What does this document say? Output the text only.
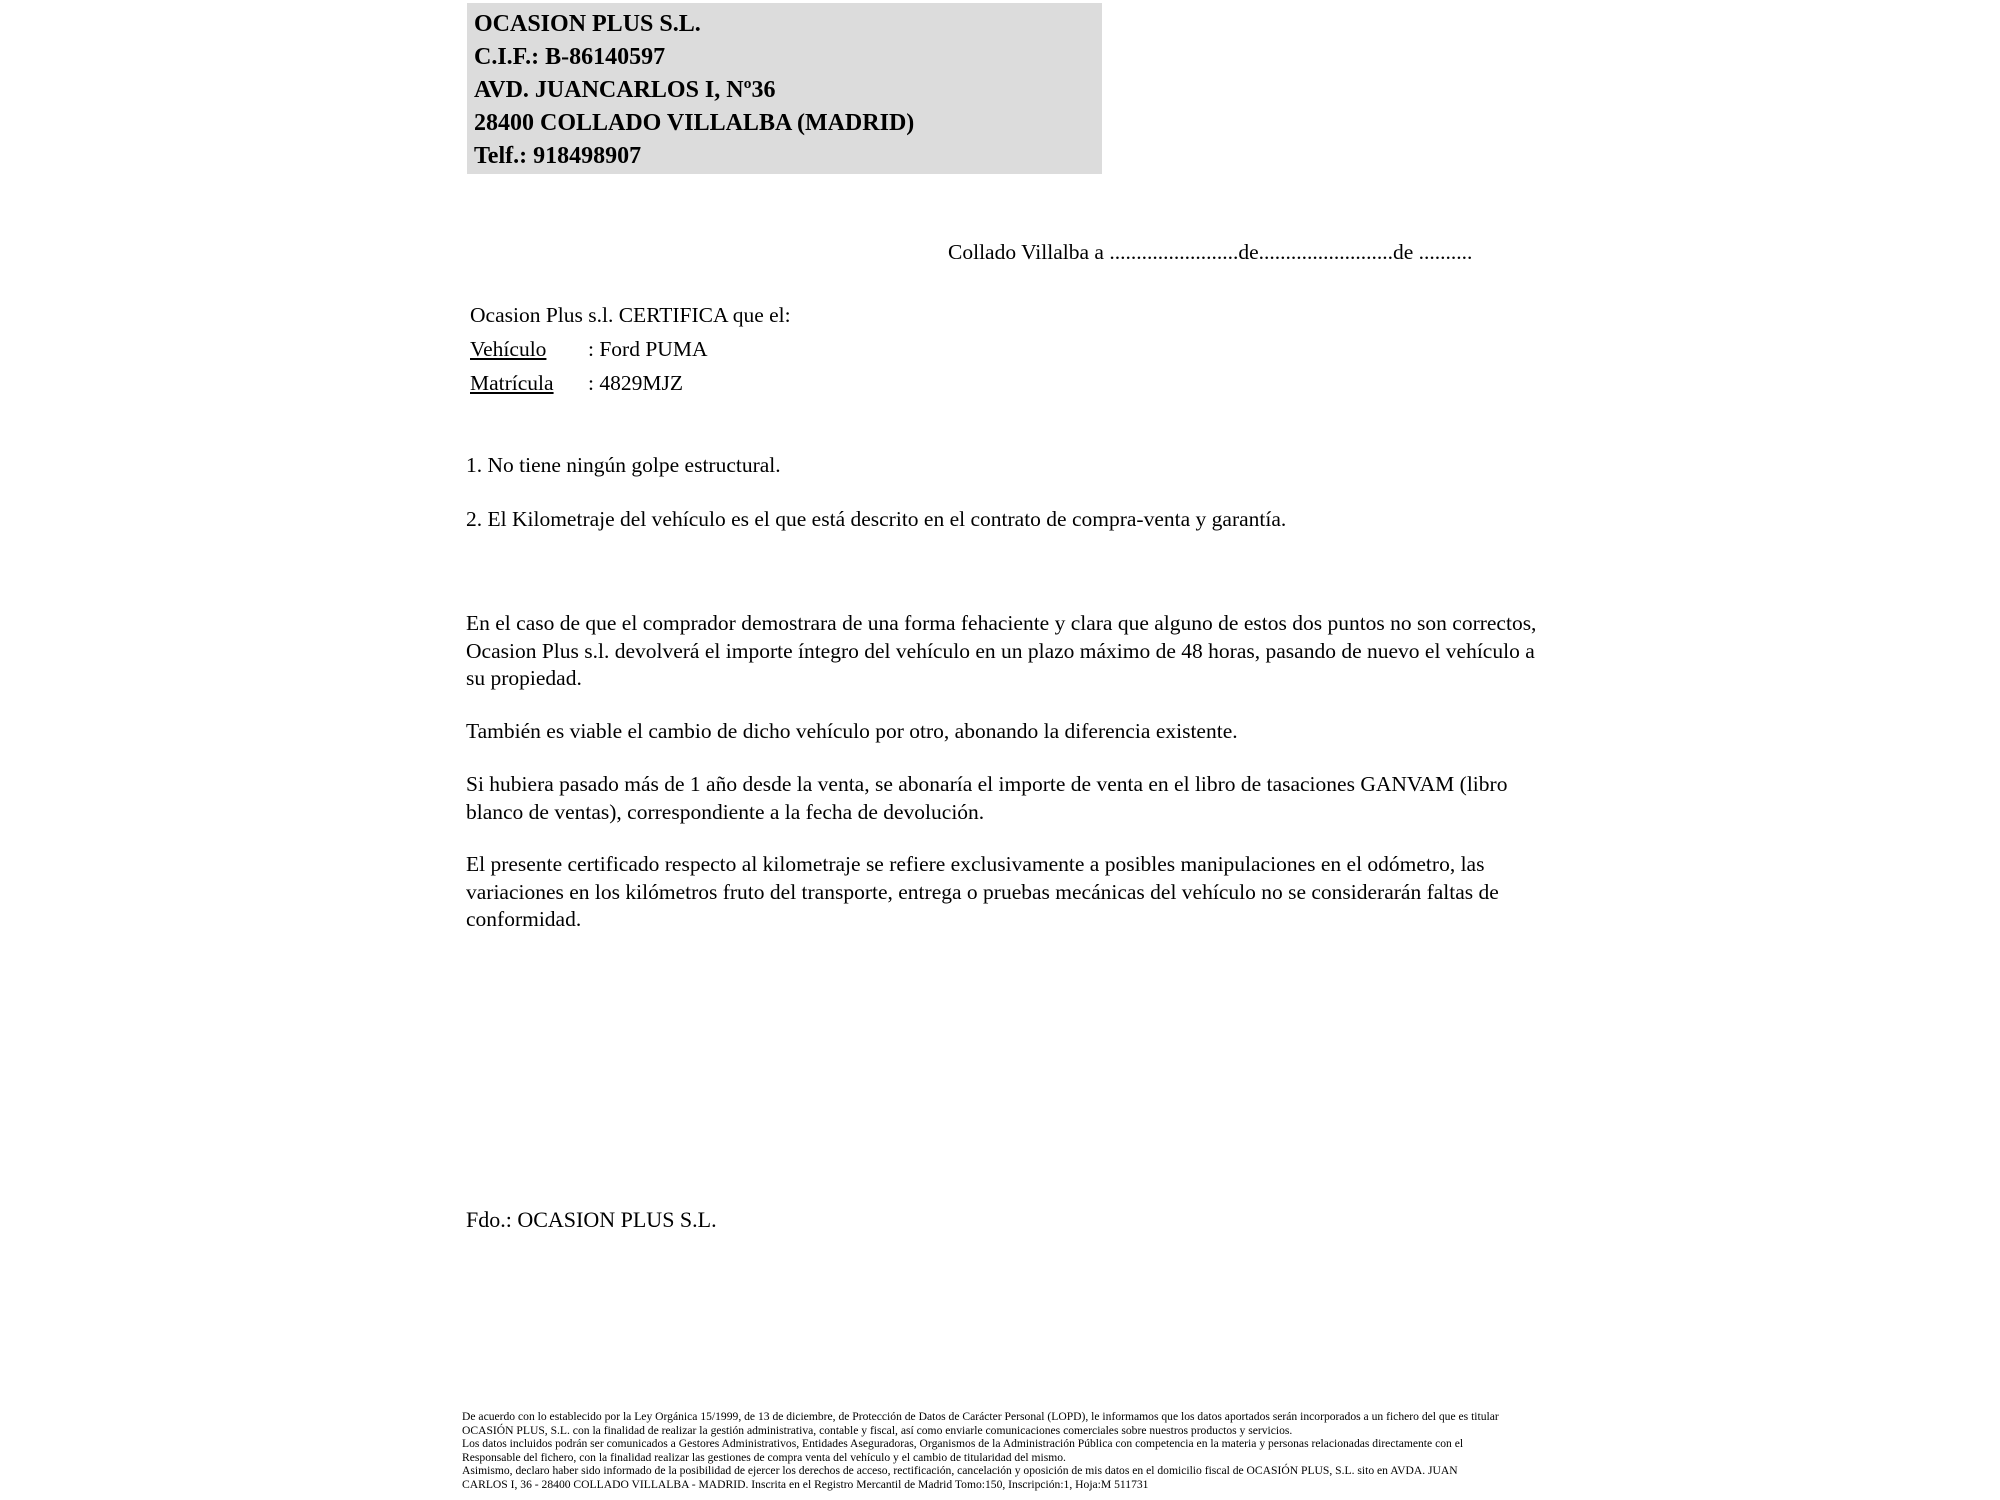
OCASION PLUS S.L.
C.I.F.: B-86140597
AVD. JUANCARLOS I, Nº36
28400 COLLADO VILLALBA (MADRID)
Telf.: 918498907
Collado Villalba a ........................de.........................de ..........
Ocasion Plus s.l. CERTIFICA que el:
Vehículo : Ford PUMA
Matrícula : 4829MJZ
1. No tiene ningún golpe estructural.
2. El Kilometraje del vehículo es el que está descrito en el contrato de compra-venta y garantía.
En el caso de que el comprador demostrara de una forma fehaciente y clara que alguno de estos dos puntos no son correctos, Ocasion Plus s.l. devolverá el importe íntegro del vehículo en un plazo máximo de 48 horas, pasando de nuevo el vehículo a su propiedad.
También es viable el cambio de dicho vehículo por otro, abonando la diferencia existente.
Si hubiera pasado más de 1 año desde la venta, se abonaría el importe de venta en el libro de tasaciones GANVAM (libro blanco de ventas), correspondiente a la fecha de devolución.
El presente certificado respecto al kilometraje se refiere exclusivamente a posibles manipulaciones en el odómetro, las variaciones en los kilómetros fruto del transporte, entrega o pruebas mecánicas del vehículo no se considerarán faltas de conformidad.
Fdo.: OCASION PLUS S.L.
De acuerdo con lo establecido por la Ley Orgánica 15/1999, de 13 de diciembre, de Protección de Datos de Carácter Personal (LOPD), le informamos que los datos aportados serán incorporados a un fichero del que es titular
OCASIÓN PLUS, S.L. con la finalidad de realizar la gestión administrativa, contable y fiscal, así como enviarle comunicaciones comerciales sobre nuestros productos y servicios.
Los datos incluidos podrán ser comunicados a Gestores Administrativos, Entidades Aseguradoras, Organismos de la Administración Pública con competencia en la materia y personas relacionadas directamente con el
Responsable del fichero, con la finalidad realizar las gestiones de compra venta del vehículo y el cambio de titularidad del mismo.
Asimismo, declaro haber sido informado de la posibilidad de ejercer los derechos de acceso, rectificación, cancelación y oposición de mis datos en el domicilio fiscal de OCASIÓN PLUS, S.L. sito en AVDA. JUAN
CARLOS I, 36 - 28400 COLLADO VILLALBA - MADRID. Inscrita en el Registro Mercantil de Madrid Tomo:150, Inscripción:1, Hoja:M 511731
